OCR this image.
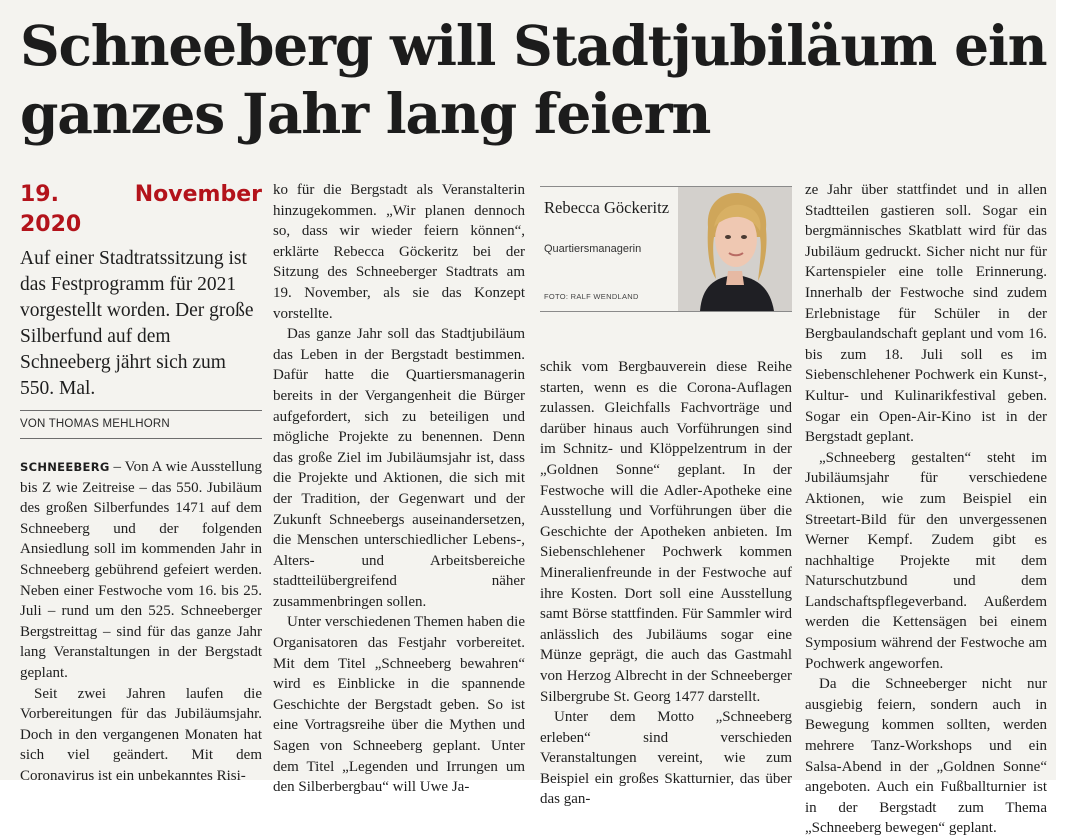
Schneeberg will Stadtjubiläum ein ganzes Jahr lang feiern
19. November 2020
Auf einer Stadtratssitzung ist das Festprogramm für 2021 vorgestellt worden. Der große Silberfund auf dem Schneeberg jährt sich zum 550. Mal.
VON THOMAS MEHLHORN

SCHNEEBERG – Von A wie Ausstellung bis Z wie Zeitreise – das 550. Jubiläum des großen Silberfundes 1471 auf dem Schneeberg und der folgenden Ansiedlung soll im kommenden Jahr in Schneeberg gebührend gefeiert werden. Neben einer Festwoche vom 16. bis 25. Juli – rund um den 525. Schneeberger Bergstreittag – sind für das ganze Jahr lang Veranstaltungen in der Bergstadt geplant.

Seit zwei Jahren laufen die Vorbereitungen für das Jubiläumsjahr. Doch in den vergangenen Monaten hat sich viel geändert. Mit dem Coronavirus ist ein unbekanntes Risi-

ko für die Bergstadt als Veranstalterin hinzugekommen. „Wir planen dennoch so, dass wir wieder feiern können“, erklärte Rebecca Göckeritz bei der Sitzung des Schneeberger Stadtrats am 19. November, als sie das Konzept vorstellte.

Das ganze Jahr soll das Stadtjubiläum das Leben in der Bergstadt bestimmen. Dafür hatte die Quartiersmanagerin bereits in der Vergangenheit die Bürger aufgefordert, sich zu beteiligen und mögliche Projekte zu benennen. Denn das große Ziel im Jubiläumsjahr ist, dass die Projekte und Aktionen, die sich mit der Tradition, der Gegenwart und der Zukunft Schneebergs auseinandersetzen, die Menschen unterschiedlicher Lebens-, Alters- und Arbeitsbereiche stadtteilübergreifend näher zusammenbringen sollen.

Unter verschiedenen Themen haben die Organisatoren das Festjahr vorbereitet. Mit dem Titel „Schneeberg bewahren“ wird es Einblicke in die spannende Geschichte der Bergstadt geben. So ist eine Vortragsreihe über die Mythen und Sagen von Schneeberg geplant. Unter dem Titel „Legenden und Irrungen um den Silberbergbau“ will Uwe Ja-

Rebecca Göckeritz
Quartiersmanagerin
FOTO: RALF WENDLAND

schik vom Bergbauverein diese Reihe starten, wenn es die Corona-Auflagen zulassen. Gleichfalls Fachvorträge und darüber hinaus auch Vorführungen sind im Schnitz- und Klöppelzentrum in der „Goldnen Sonne“ geplant. In der Festwoche will die Adler-Apotheke eine Ausstellung und Vorführungen über die Geschichte der Apotheken anbieten. Im Siebenschlehener Pochwerk kommen Mineralienfreunde in der Festwoche auf ihre Kosten. Dort soll eine Ausstellung samt Börse stattfinden. Für Sammler wird anlässlich des Jubiläums sogar eine Münze geprägt, die auch das Gastmahl von Herzog Albrecht in der Schneeberger Silbergrube St. Georg 1477 darstellt.

Unter dem Motto „Schneeberg erleben“ sind verschieden Veranstaltungen vereint, wie zum Beispiel ein großes Skatturnier, das über das gan-

ze Jahr über stattfindet und in allen Stadtteilen gastieren soll. Sogar ein bergmännisches Skatblatt wird für das Jubiläum gedruckt. Sicher nicht nur für Kartenspieler eine tolle Erinnerung. Innerhalb der Festwoche sind zudem Erlebnistage für Schüler in der Bergbaulandschaft geplant und vom 16. bis zum 18. Juli soll es im Siebenschlehener Pochwerk ein Kunst-, Kultur- und Kulinarikfestival geben. Sogar ein Open-Air-Kino ist in der Bergstadt geplant.

„Schneeberg gestalten“ steht im Jubiläumsjahr für verschiedene Aktionen, wie zum Beispiel ein Streetart-Bild für den unvergessenen Werner Kempf. Zudem gibt es nachhaltige Projekte mit dem Naturschutzbund und dem Landschaftspflegeverband. Außerdem werden die Kettensägen bei einem Symposium während der Festwoche am Pochwerk angeworfen.

Da die Schneeberger nicht nur ausgiebig feiern, sondern auch in Bewegung kommen sollten, werden mehrere Tanz-Workshops und ein Salsa-Abend in der „Goldnen Sonne“ angeboten. Auch ein Fußballturnier ist in der Bergstadt zum Thema „Schneeberg bewegen“ geplant.
